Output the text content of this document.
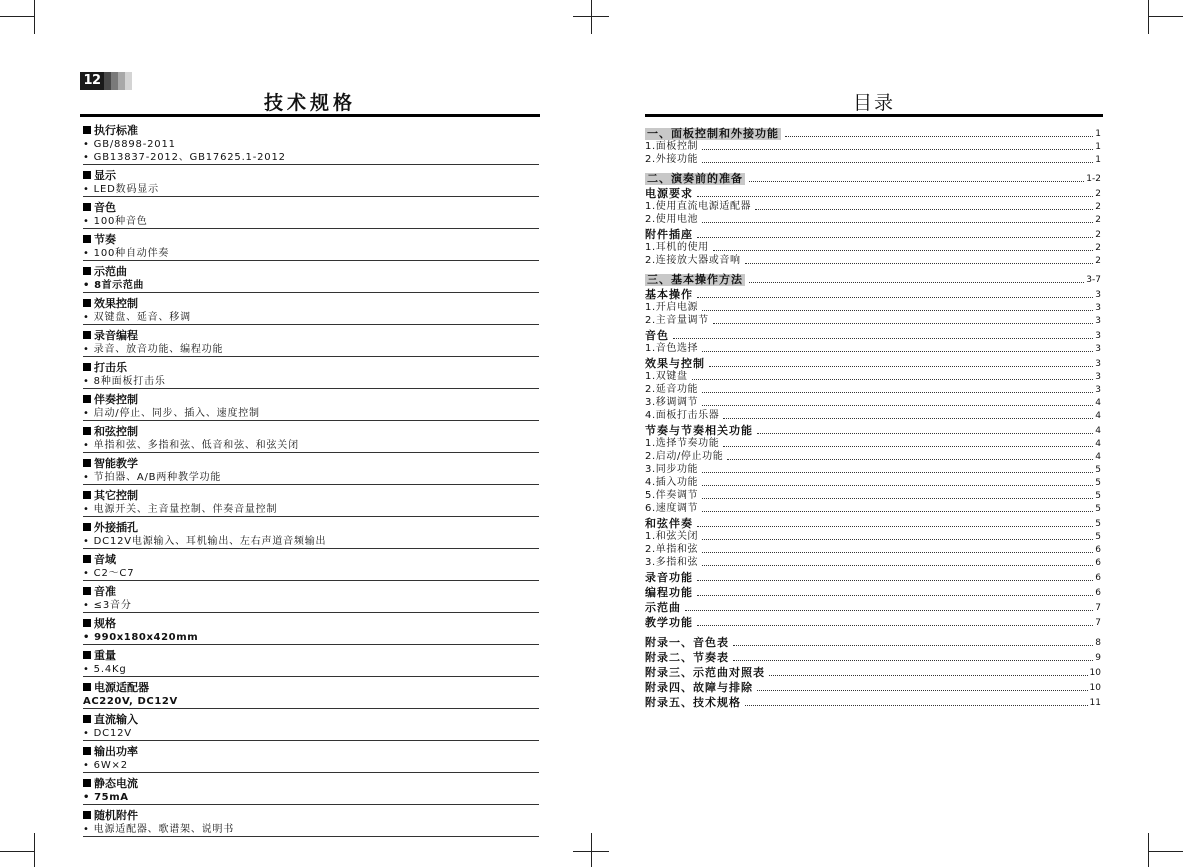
12
技术规格
执行标准
• GB/8898-2011
• GB13837-2012、GB17625.1-2012
显示
• LED数码显示
音色
• 100种音色
节奏
• 100种自动伴奏
示范曲
• 8首示范曲
效果控制
• 双键盘、延音、移调
录音编程
• 录音、放音功能、编程功能
打击乐
• 8种面板打击乐
伴奏控制
• 启动/停止、同步、插入、速度控制
和弦控制
• 单指和弦、多指和弦、低音和弦、和弦关闭
智能教学
• 节拍器、A/B两种教学功能
其它控制
• 电源开关、主音量控制、伴奏音量控制
外接插孔
• DC12V电源输入、耳机输出、左右声道音频输出
音域
• C2～C7
音准
• ≤3音分
规格
• 990x180x420mm
重量
• 5.4Kg
电源适配器
AC220V, DC12V
直流输入
• DC12V
输出功率
• 6W×2
静态电流
• 75mA
随机附件
• 电源适配器、歌谱架、说明书
目录
一、面板控制和外接功能	1
1.面板控制	1
2.外接功能	1
二、演奏前的准备	1-2
电源要求	2
1.使用直流电源适配器	2
2.使用电池	2
附件插座	2
1.耳机的使用	2
2.连接放大器或音响	2
三、基本操作方法	3-7
基本操作	3
1.开启电源	3
2.主音量调节	3
音色	3
1.音色选择	3
效果与控制	3
1.双键盘	3
2.延音功能	3
3.移调调节	4
4.面板打击乐器	4
节奏与节奏相关功能	4
1.选择节奏功能	4
2.启动/停止功能	4
3.同步功能	5
4.插入功能	5
5.伴奏调节	5
6.速度调节	5
和弦伴奏	5
1.和弦关闭	5
2.单指和弦	6
3.多指和弦	6
录音功能	6
编程功能	6
示范曲	7
教学功能	7
附录一、音色表	8
附录二、节奏表	9
附录三、示范曲对照表	10
附录四、故障与排除	10
附录五、技术规格	11
